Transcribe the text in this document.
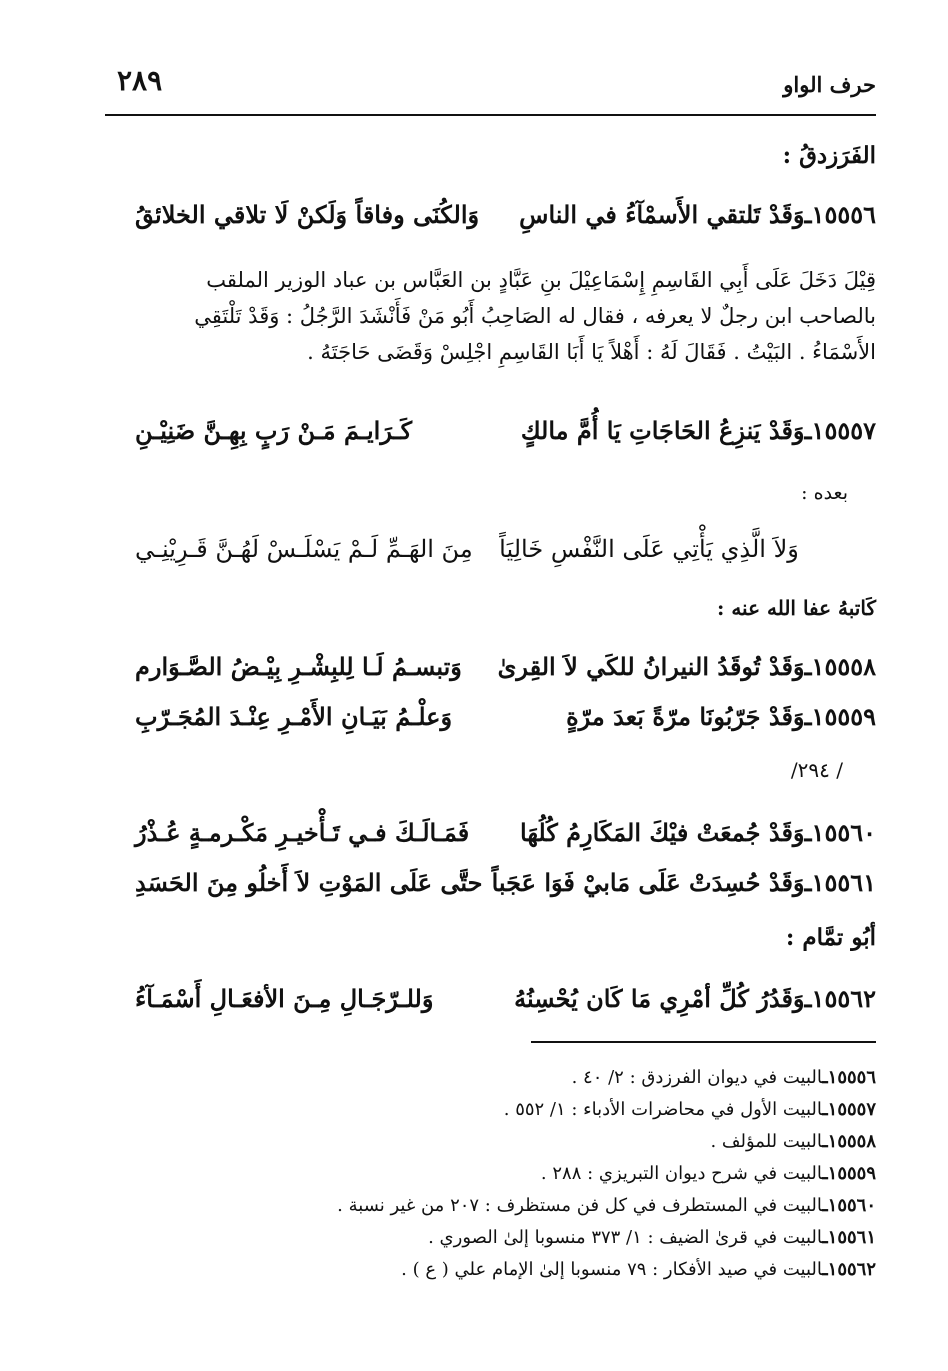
حرف الواو
٢٨٩
الفَرَزدقُ :
١٥٥٥٦ـ
وَقَدْ تَلتقي الأَسمْآءُ في الناسِ
وَالكُنَى وفاقاً وَلَكنْ لَا تلاقي الخلائقُ

قِيْلَ دَخَلَ عَلَى أَبِي القَاسِمِ إِسْمَاعِيْلَ بنِ عَبَّادٍ بن العَبَّاس بن عباد الوزير الملقب

بالصاحب ابن رجلٌ لا يعرفه ، فقال له الصَاحِبُ أَبُو مَنْ فَأَنْشَدَ الرَّجُلُ : وَقَدْ تَلْتَقِي

الأَسْمَاءُ . البَيْتُ . فَقَالَ لَهُ : أَهْلاً يَا أَبَا القَاسِمِ اجْلِسْ وَقَضَى حَاجَتَهُ .

١٥٥٥٧ـ
وَقَدْ يَنزِعُ الحَاجَاتِ يَا أُمَّ مالكٍ
كَـرَايـمَ مَـنْ رَبٍ بِهِـنَّ ضَنِيْـنِ
بعده :
وَلاَ الَّذِي يَأْتِي عَلَى النَّفْسِ خَالِيَاً
مِنَ الهَـمِّ لَـمْ يَسْلَـسْ لَهُـنَّ قَـرِيْنِـي
كَاتبهُ عفا الله عنه :
١٥٥٥٨ـ
وَقَدْ تُوقَدُ النيرانُ للكَي لاَ القِرىٰ
وَتبسـمُ لَـا لِلبِشْـرِ بِيْـضُ الصَّـوَارم
١٥٥٥٩ـ
وَقَدْ جَرّبُونَا مرّةً بَعدَ مرّةٍ
وَعلْـمُ بَيَـانِ الأَمْـرِ عِنْـدَ المُجَـرّبِ
/ ٢٩٤/
١٥٥٦٠ـ
وَقَدْ جُمعَتْ فيْكَ المَكَارِمُ كُلُهَا
فَمَـالَـكَ فـي تَـأْخيـرِ مَكْـرمـةٍ عُـذْرُ
١٥٥٦١ـ
وَقَدْ حُسِدَتْ عَلَى مَابيْ فَوَا عَجَباً
حتَّى عَلَى المَوْتِ لاَ أَخلُو مِنَ الحَسَدِ
أبُو تمَّام :
١٥٥٦٢ـ
وَقَدُرُ كُلِّ أمْرِي مَا كَان يُحْسِنُهُ
وَللـرّجَـالِ مِـنَ الأفعَـالِ أَسْمَـآءُ
١٥٥٥٦ـالبيت في ديوان الفرزدق : ٢/ ٤٠ .
١٥٥٥٧ـالبيت الأول في محاضرات الأدباء : ١/ ٥٥٢ .
١٥٥٥٨ـالبيت للمؤلف .
١٥٥٥٩ـالبيت في شرح ديوان التبريزي : ٢٨٨ .
١٥٥٦٠ـالبيت في المستطرف في كل فن مستظرف : ٢٠٧ من غير نسبة .
١٥٥٦١ـالبيت في قرىٰ الضيف : ١/ ٣٧٣ منسوبا إلىٰ الصوري .
١٥٥٦٢ـالبيت في صيد الأفكار : ٧٩ منسوبا إلىٰ الإمام علي ( ع ) .
